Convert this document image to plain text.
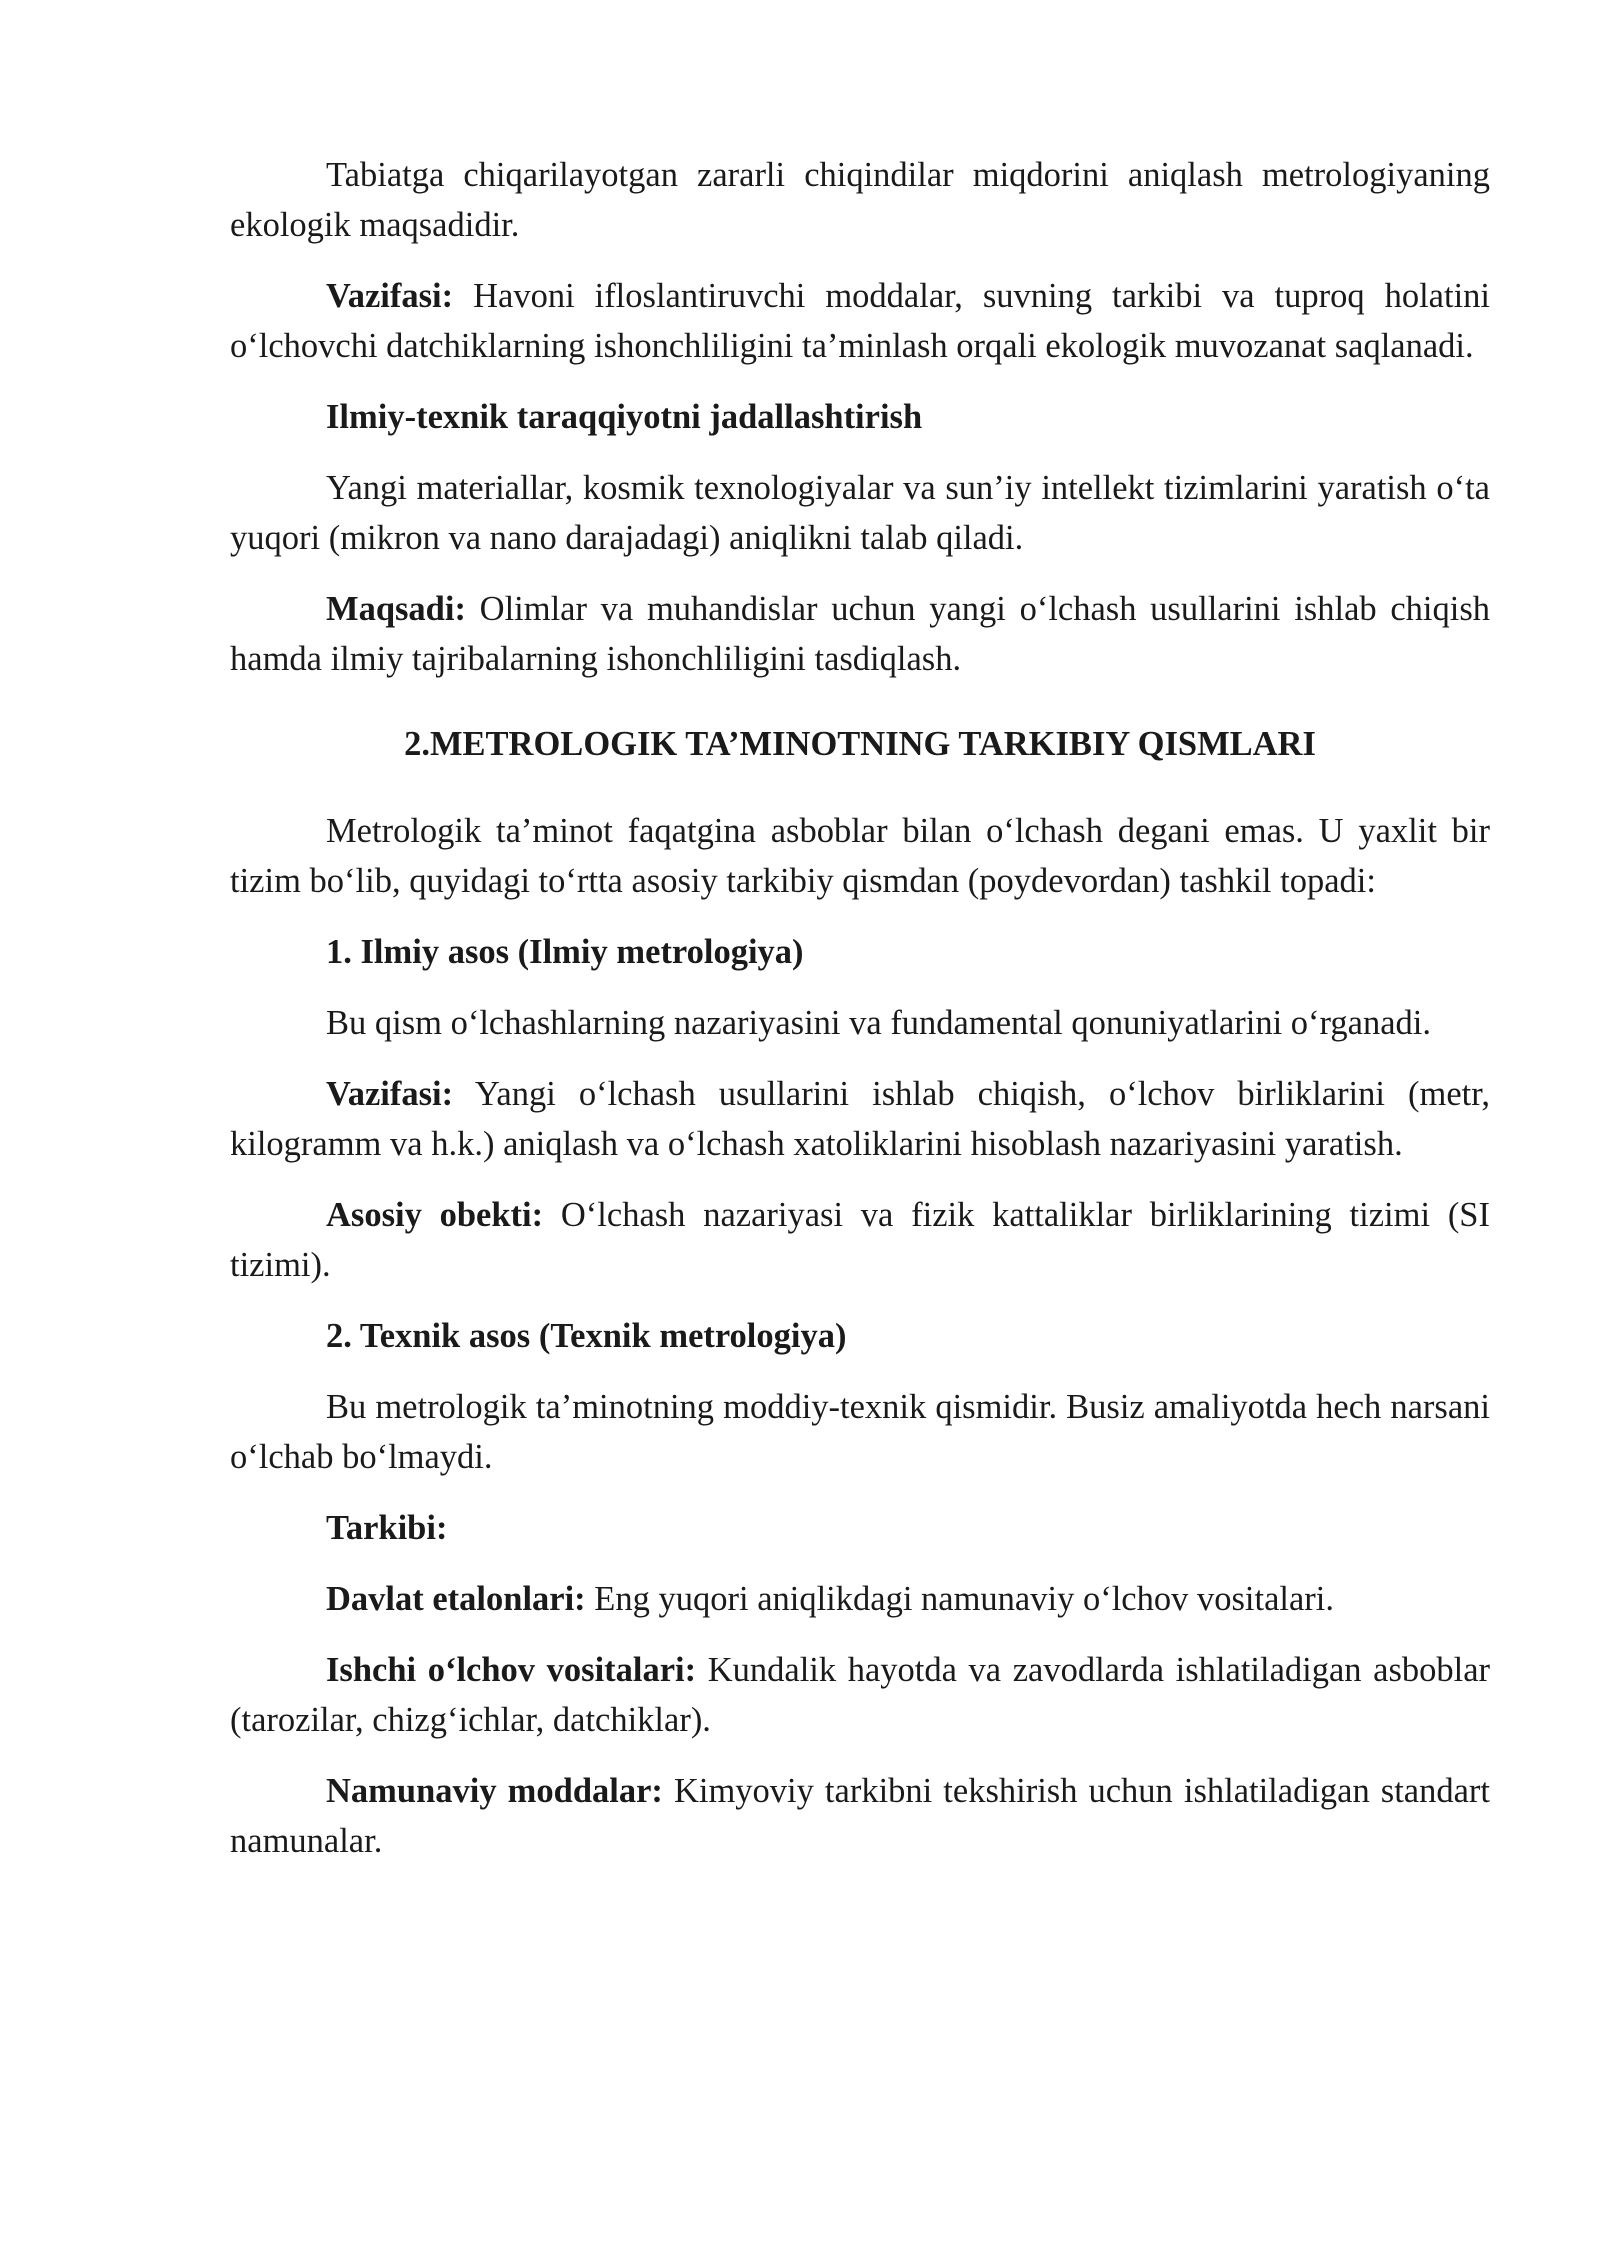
Tabiatga chiqarilayotgan zararli chiqindilar miqdorini aniqlash metrologiyaning ekologik maqsadidir.

Vazifasi: Havoni ifloslantiruvchi moddalar, suvning tarkibi va tuproq holatini o‘lchovchi datchiklarning ishonchliligini ta’minlash orqali ekologik muvozanat saqlanadi.

Ilmiy-texnik taraqqiyotni jadallashtirish

Yangi materiallar, kosmik texnologiyalar va sun’iy intellekt tizimlarini yaratish o‘ta yuqori (mikron va nano darajadagi) aniqlikni talab qiladi.

Maqsadi: Olimlar va muhandislar uchun yangi o‘lchash usullarini ishlab chiqish hamda ilmiy tajribalarning ishonchliligini tasdiqlash.

2.METROLOGIK TA’MINOTNING TARKIBIY QISMLARI

Metrologik ta’minot faqatgina asboblar bilan o‘lchash degani emas. U yaxlit bir tizim bo‘lib, quyidagi to‘rtta asosiy tarkibiy qismdan (poydevordan) tashkil topadi:

1. Ilmiy asos (Ilmiy metrologiya)

Bu qism o‘lchashlarning nazariyasini va fundamental qonuniyatlarini o‘rganadi.

Vazifasi: Yangi o‘lchash usullarini ishlab chiqish, o‘lchov birliklarini (metr, kilogramm va h.k.) aniqlash va o‘lchash xatoliklarini hisoblash nazariyasini yaratish.

Asosiy obekti: O‘lchash nazariyasi va fizik kattaliklar birliklarining tizimi (SI tizimi).

2. Texnik asos (Texnik metrologiya)

Bu metrologik ta’minotning moddiy-texnik qismidir. Busiz amaliyotda hech narsani o‘lchab bo‘lmaydi.

Tarkibi:

Davlat etalonlari: Eng yuqori aniqlikdagi namunaviy o‘lchov vositalari.

Ishchi o‘lchov vositalari: Kundalik hayotda va zavodlarda ishlatiladigan asboblar (tarozilar, chizg‘ichlar, datchiklar).

Namunaviy moddalar: Kimyoviy tarkibni tekshirish uchun ishlatiladigan standart namunalar.
